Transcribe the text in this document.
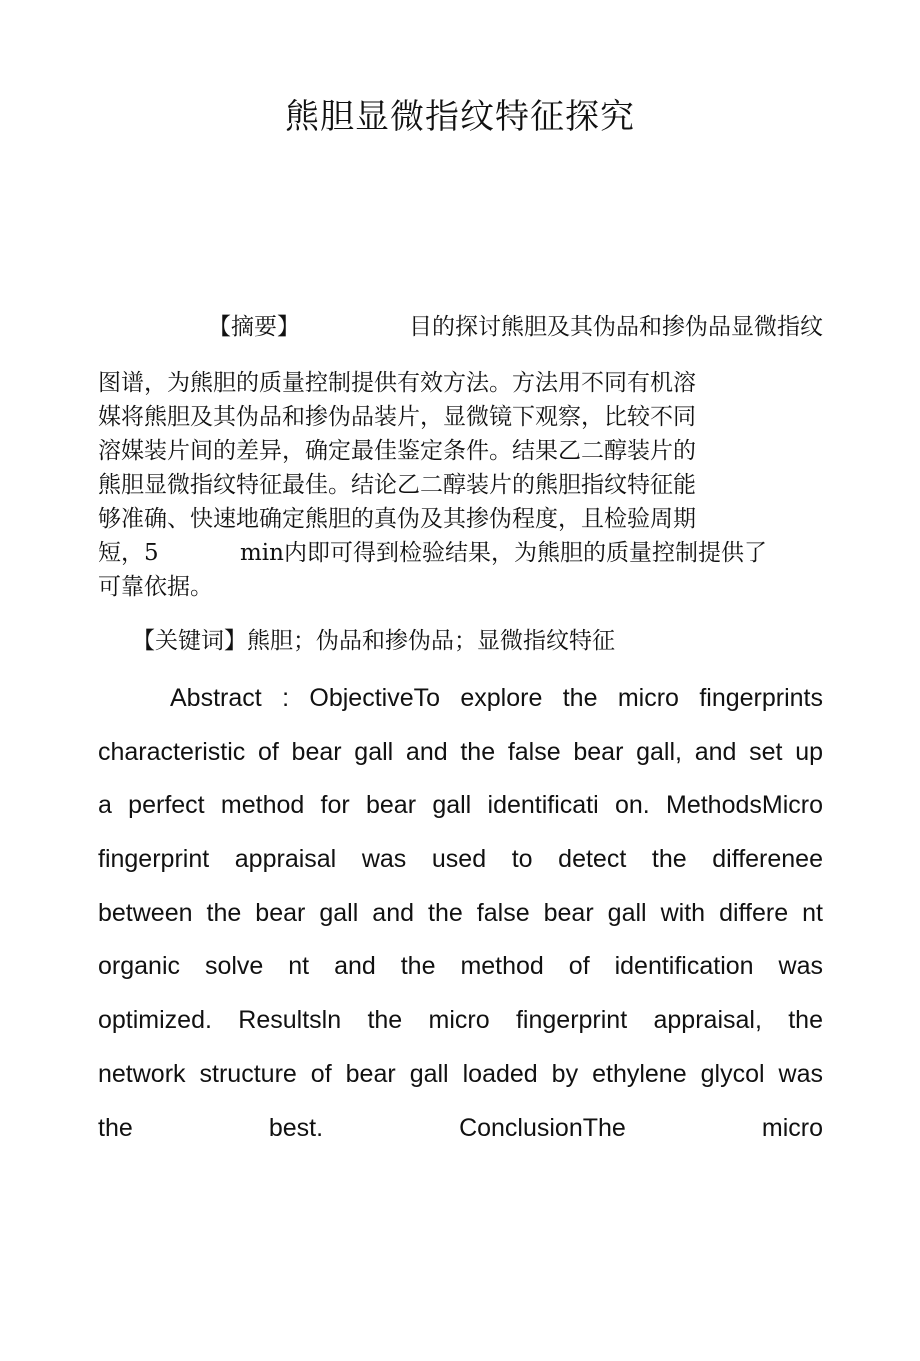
熊胆显微指纹特征探究
【摘要】	目的探讨熊胆及其伪品和掺伪品显微指纹
图谱，为熊胆的质量控制提供有效方法。方法用不同有机溶
媒将熊胆及其伪品和掺伪品装片，显微镜下观察，比较不同
溶媒装片间的差异，确定最佳鉴定条件。结果乙二醇装片的
熊胆显微指纹特征最佳。结论乙二醇装片的熊胆指纹特征能
够准确、快速地确定熊胆的真伪及其掺伪程度，且检验周期
短，5	min内即可得到检验结果，为熊胆的质量控制提供了
可靠依据。
【关键词】熊胆；伪品和掺伪品；显微指纹特征
Abstract : ObjectiveTo explore the micro fingerprints
characteristic of bear gall and the false bear gall, and set up
a perfect method for bear gall identificati on. MethodsMicro
fingerprint appraisal was used to detect the differenee
between the bear gall and the false bear gall with differe nt
organic solve nt and the method of identification was
optimized. Resultsln the micro fingerprint appraisal, the
network structure of bear gall loaded by ethylene glycol was
the	best.	ConclusionThe	micro
